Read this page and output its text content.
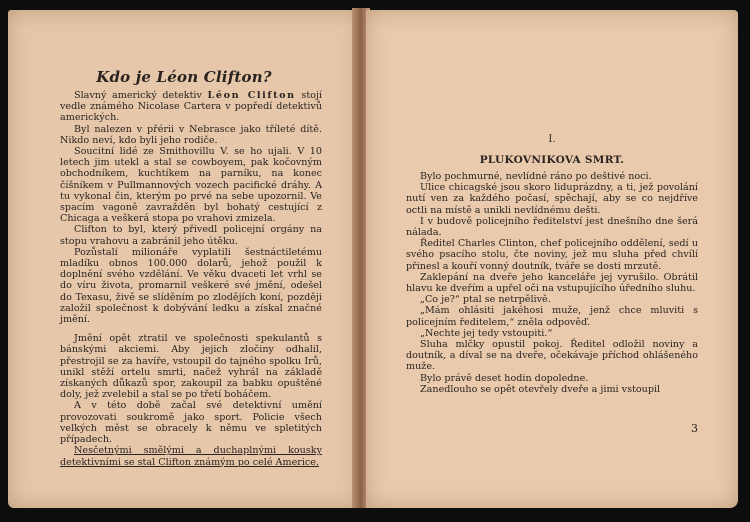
Kdo je Léon Clifton?

Slavný americký detektiv Léon Clifton stojí vedle známého Nicolase Cartera v popředí detektivů amerických.

Byl nalezen v přérii v Nebrasce jako tříleté dítě. Nikdo neví, kdo byli jeho rodiče.

Soucitní lidé ze Smithovillu V. se ho ujali. V 10 letech jim utekl a stal se cowboyem, pak kočovným obchodníkem, kuchtíkem na parníku, na konec číšníkem v Pullmannových vozech pacifické dráhy. A tu vykonal čin, kterým po prvé na sebe upozornil. Ve spacím vagoně zavražděn byl bohatý cestující z Chicaga a veškerá stopa po vrahovi zmizela.

Clifton to byl, který přivedl policejní orgány na stopu vrahovu a zabránil jeho útěku.

Pozůstalí milionáře vyplatili šestnáctiletému mladíku obnos 100.000 dolarů, jehož použil k doplnění svého vzdělání. Ve věku dvaceti let vrhl se do víru života, promarnil veškeré své jmění, odešel do Texasu, živě se slíděním po zlodějích koní, později založil společnost k dobývání ledku a získal značné jmění.

Jmění opět ztratil ve společnosti spekulantů s bánskými akciemi. Aby jejich zločiny odhalil, přestrojil se za havíře, vstoupil do tajného spolku Irů, unikl stěží ortelu smrti, načež vyhrál na základě získaných důkazů spor, zakoupil za babku opuštěné doly, jež zvelebil a stal se po třetí boháčem.

A v této době začal své detektivní umění provozovati soukromě jako sport. Policie všech velkých měst se obracely k němu ve spletitých případech.

Nesčetnými smělými a duchaplnými kousky detektivními se stal Clifton známým po celé Americe.

I.
PLUKOVNIKOVA SMRT.

Bylo pochmurné, nevlídné ráno po deštivé noci.

Ulice chicagské jsou skoro liduprázdny, a ti, jež povolání nutí ven za každého počasí, spěchají, aby se co nejdříve octli na místě a unikli nevlídnému dešti.

I v budově policejního ředitelství jest dnešního dne šerá nálada.

Ředitel Charles Clinton, chef policejního oddělení, sedí u svého psacího stolu, čte noviny, jež mu sluha před chvílí přinesl a kouří vonný doutník, tváře se dosti mrzutě.

Zaklepání na dveře jeho kanceláře jej vyrušilo. Obrátil hlavu ke dveřím a upřel oči na vstupujícího úředního sluhu.

„Co je?“ ptal se netrpělivě.

„Mám ohlásiti jakéhosi muže, jenž chce mluviti s policejním ředitelem,“ zněla odpověď.

„Nechte jej tedy vstoupiti.“

Sluha mlčky opustil pokoj. Ředitel odložil noviny a doutník, a díval se na dveře, očekávaje příchod ohlášeného muže.

Bylo právě deset hodin dopoledne.

Zanedlouho se opět otevřely dveře a jimi vstoupil

3
